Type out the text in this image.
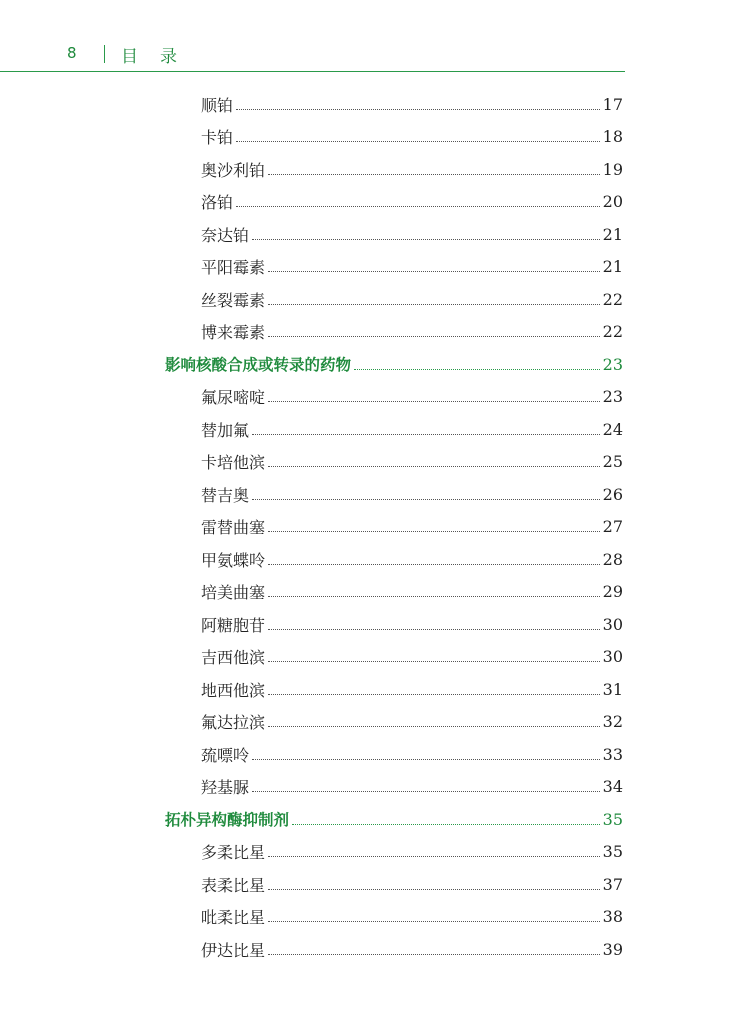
8	目录
顺铂	17
卡铂	18
奥沙利铂	19
洛铂	20
奈达铂	21
平阳霉素	21
丝裂霉素	22
博来霉素	22
影响核酸合成或转录的药物	23
氟尿嘧啶	23
替加氟	24
卡培他滨	25
替吉奥	26
雷替曲塞	27
甲氨蝶呤	28
培美曲塞	29
阿糖胞苷	30
吉西他滨	30
地西他滨	31
氟达拉滨	32
巯嘌呤	33
羟基脲	34
拓朴异构酶抑制剂	35
多柔比星	35
表柔比星	37
吡柔比星	38
伊达比星	39
